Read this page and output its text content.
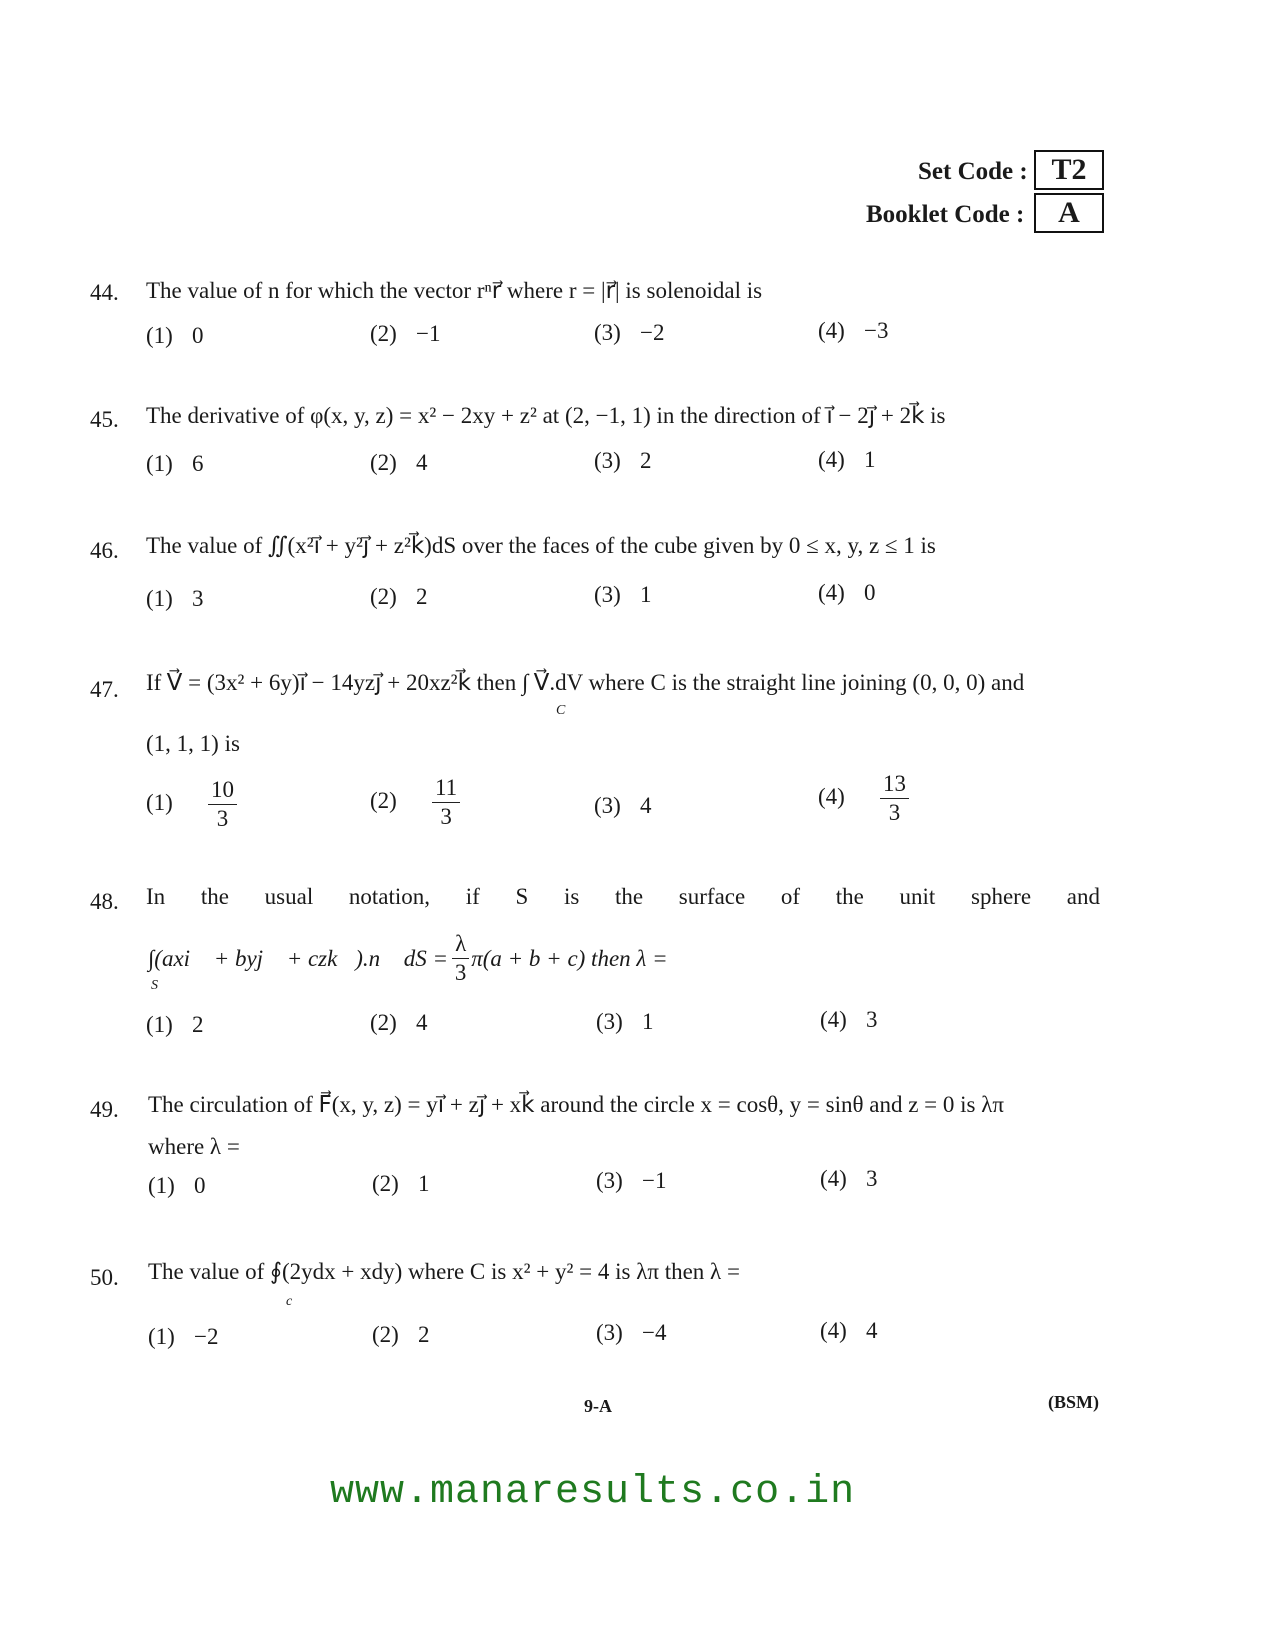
Set Code : T2
Booklet Code :	A
44. The value of n for which the vector rⁿr⃗ where r = |r⃗| is solenoidal is
(1) 0	(2) −1	(3) −2	(4) −3
45. The derivative of φ(x, y, z) = x² − 2xy + z² at (2, −1, 1) in the direction of i⃗ − 2j⃗ + 2k⃗ is
(1) 6	(2) 4	(3) 2	(4) 1
46. The value of ∬(x²i⃗ + y²j⃗ + z²k⃗)dS over the faces of the cube given by 0 ≤ x, y, z ≤ 1 is
(1) 3	(2) 2	(3) 1	(4) 0
47. If V⃗ = (3x² + 6y)i⃗ − 14yzj⃗ + 20xz²k⃗ then ∫ V⃗.dV where C is the straight line joining (0, 0, 0) and
C
(1, 1, 1) is
$(1) \frac{10}{3}$	$(2) \frac{11}{3}$	(3) 4	$(4) \frac{13}{3}$
48. In the usual notation, if S is the surface of the unit sphere and
∫(axi⃗ + byj⃗ + czk⃗).n⃗ dS = $\frac{\lambda}{3} \pi(a + b + c)$ then λ =
S
(1) 2	(2) 4	(3) 1	(4) 3
49. The circulation of F⃗(x, y, z) = yi⃗ + zj⃗ + xk⃗ around the circle x = cosθ, y = sinθ and z = 0 is λπ
where λ =
(1) 0	(2) 1	(3) −1	(4) 3
50. The value of ∮(2ydx + xdy) where C is x² + y² = 4 is λπ then λ =
c
(1) −2	(2) 2	(3) −4	(4) 4
9-A	(BSM)
www.manaresults.co.in
